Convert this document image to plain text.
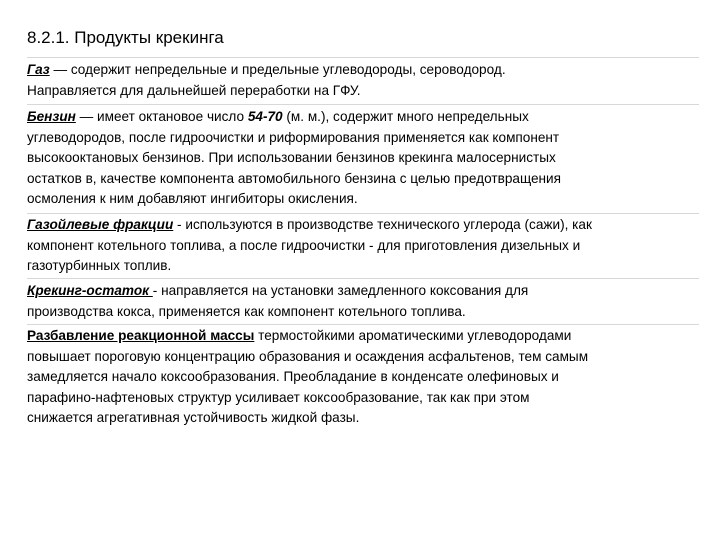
8.2.1. Продукты крекинга

Газ — содержит непредельные и предельные углеводороды, сероводород.
Направляется для дальнейшей переработки на ГФУ.

Бензин — имеет октановое число 54-70 (м. м.), содержит много непредельных
углеводородов, после гидроочистки и риформирования применяется как компонент
высокооктановых бензинов. При использовании бензинов крекинга малосернистых
остатков в, качестве компонента автомобильного бензина с целью предотвращения
осмоления к ним добавляют ингибиторы окисления.

Газойлевые фракции - используются в производстве технического углерода (сажи), как
компонент котельного топлива, а после гидроочистки - для приготовления дизельных и
газотурбинных топлив.

Крекинг-остаток - направляется на установки замедленного коксования для
производства кокса, применяется как компонент котельного топлива.

Разбавление реакционной массы термостойкими ароматическими углеводородами
повышает пороговую концентрацию образования и осаждения асфальтенов, тем самым
замедляется начало коксообразования. Преобладание в конденсате олефиновых и
парафино-нафтеновых структур усиливает коксообразование, так как при этом
снижается агрегативная устойчивость жидкой фазы.
